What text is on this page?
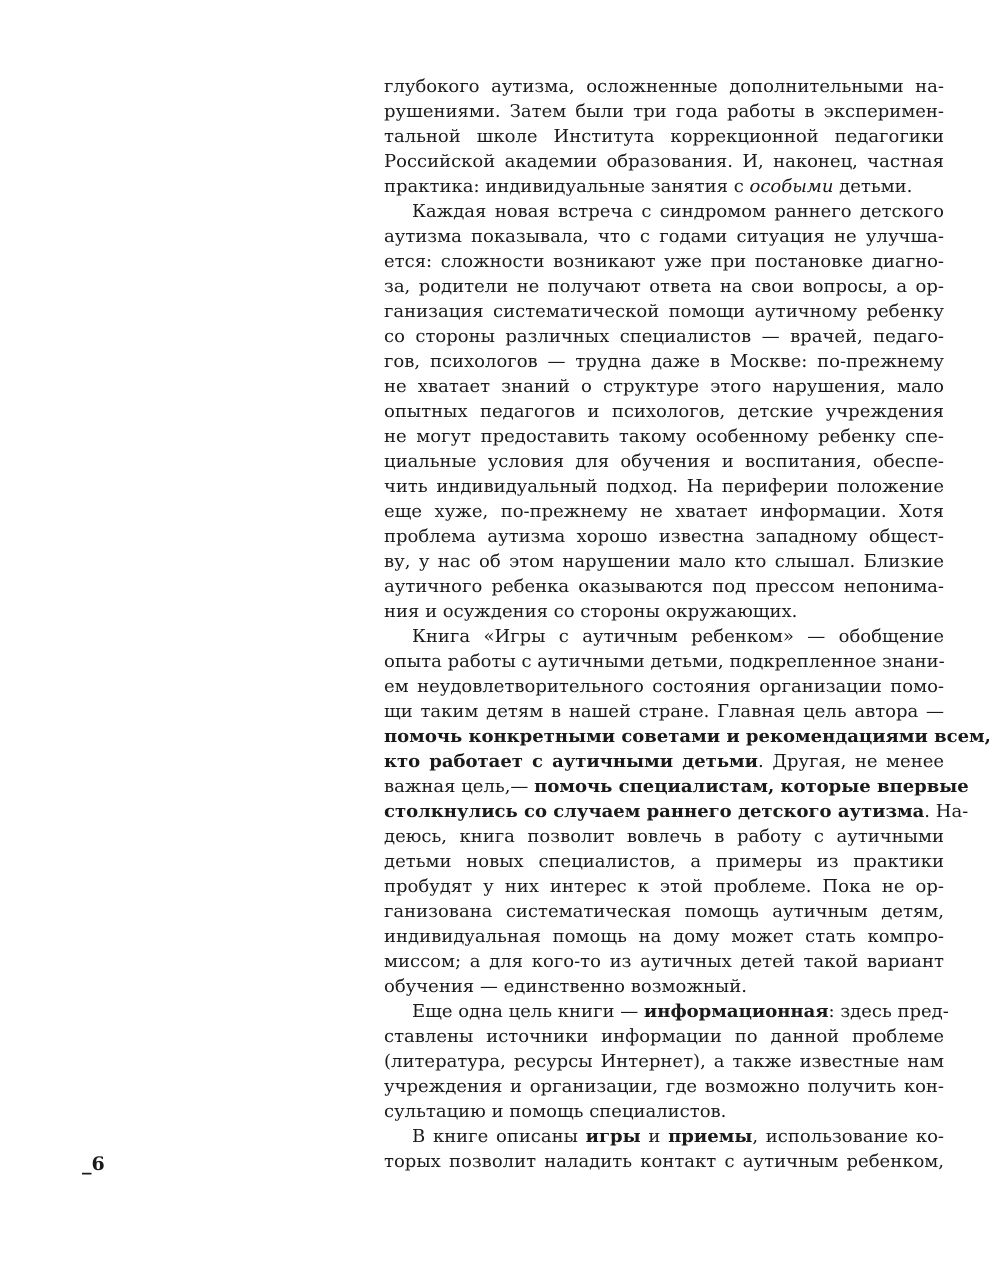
глубокого аутизма, осложненные дополнительными на-
рушениями. Затем были три года работы в эксперимен-
тальной школе Института коррекционной педагогики
Российской академии образования. И, наконец, частная
практика: индивидуальные занятия с особыми детьми.
Каждая новая встреча с синдромом раннего детского
аутизма показывала, что с годами ситуация не улучша-
ется: сложности возникают уже при постановке диагно-
за, родители не получают ответа на свои вопросы, а ор-
ганизация систематической помощи аутичному ребенку
со стороны различных специалистов — врачей, педаго-
гов, психологов — трудна даже в Москве: по-прежнему
не хватает знаний о структуре этого нарушения, мало
опытных педагогов и психологов, детские учреждения
не могут предоставить такому особенному ребенку спе-
циальные условия для обучения и воспитания, обеспе-
чить индивидуальный подход. На периферии положение
еще хуже, по-прежнему не хватает информации. Хотя
проблема аутизма хорошо известна западному общест-
ву, у нас об этом нарушении мало кто слышал. Близкие
аутичного ребенка оказываются под прессом непонима-
ния и осуждения со стороны окружающих.
Книга «Игры с аутичным ребенком» — обобщение
опыта работы с аутичными детьми, подкрепленное знани-
ем неудовлетворительного состояния организации помо-
щи таким детям в нашей стране. Главная цель автора —
помочь конкретными советами и рекомендациями всем,
кто работает с аутичными детьми. Другая, не менее
важная цель,— помочь специалистам, которые впервые
столкнулись со случаем раннего детского аутизма. На-
деюсь, книга позволит вовлечь в работу с аутичными
детьми новых специалистов, а примеры из практики
пробудят у них интерес к этой проблеме. Пока не ор-
ганизована систематическая помощь аутичным детям,
индивидуальная помощь на дому может стать компро-
миссом; а для кого-то из аутичных детей такой вариант
обучения — единственно возможный.
Еще одна цель книги — информационная: здесь пред-
ставлены источники информации по данной проблеме
(литература, ресурсы Интернет), а также известные нам
учреждения и организации, где возможно получить кон-
сультацию и помощь специалистов.
В книге описаны игры и приемы, использование ко-
торых позволит наладить контакт с аутичным ребенком,
_6
